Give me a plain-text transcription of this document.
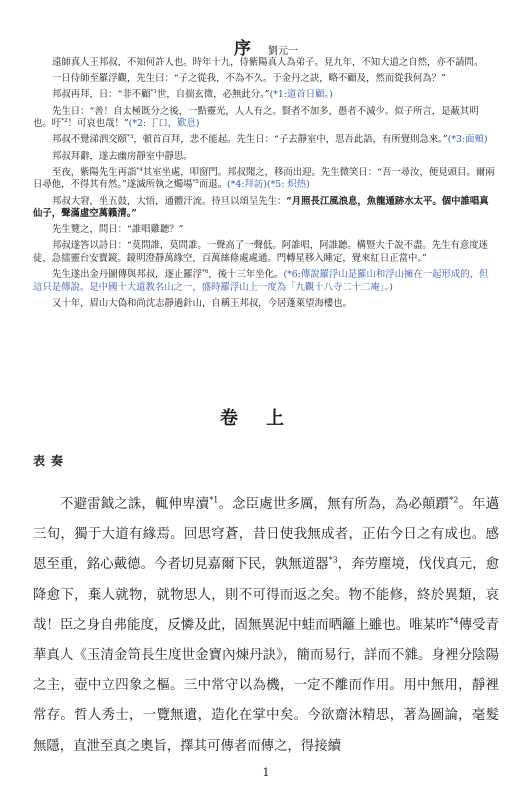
序 劉元一

遠師真人王邦叔，不知何許人也。時年十九，侍紫陽真人為弟子。見九年，不知大道之自然，亦不請問。

一日侍師至羅浮觀，先生曰：“子之從我，不為不久。于金丹之訣，略不顧及，然而從我何為？”

邦叔再拜，日：“非不顧$^{*1}$世，自揣玄微，必無此分。”(*1:道首日顧。)

先生日：“善！自太極既分之後，一點靈光，人人有之。賢者不加多，愚者不減少。似子所言，是蔽其明也。吁$^{*2}$！可哀也哉！”(*2: 丁口，歎息)

邦叔不覺涕泗交頤$^{*3}$，頓首百拜，悲不能起。先生日：“子去靜室中，思吾此語，有所覺則急來。”(*3:面頰)

邦叔拜辭，遂去幽房靜室中靜思。

至夜，紫陽先生再詣$^{*4}$其室坐處，叩窗門。邦叔聞之，移而出迎。先生微笑日：“吾一尋汝，便見頭目。爾兩日尋他，不得其有然。”遂滅所執之燭場$^{*5}$而退。(*4:拜訪)(*5: 炽热)

邦叔大窘，坐五鼓，大悟，通體汗流。待旦以頌呈先生：“月照長江風浪息，魚龍遁跡水太平。個中誰唱真仙子，聲滿虛空萬籟清。”

先生覽之，問日：“誰唱雞聽？”

邦叔遂答以詩日：“莫問誰，莫問誰。一聲高了一聲低。阿誰唱，阿誰聽。構豎大千說不盡。先生有意度迷徒，急擂靈台安寶鏡。鏡明澄靜萬緣空，百萬絲條處處通。門轉星移入睡定，覺來紅日正當中。”

先生遂出金丹圖傳與邦叔，逐止羅浮$^{*6}$，後十三年坐化。(*6:傳說羅浮山是羅山和浮山擁在一起形成的，但這只是傳說。是中國十大道教名山之一，盛時羅浮山上一度為「九觀十八寺二十二庵」。)

又十年，眉山大偽和尚沈志靜過針山，自稱王邦叔，今居蓬萊望海樓也。

卷上
表奏

不避雷鉞之誅，輒伸卑瀆$^{*1}$。念臣處世多厲，無有所為，為必顛躓$^{*2}$。年邁三旬，獨于大道有緣焉。回思穹蒼，昔日使我無成者，正佑今日之有成也。感恩至重，銘心戴德。今者切見嘉爾下民，孰無道器$^{*3}$，奔劳塵境，伐伐真元，愈降愈下，棄人就物，就物思人，則不可得而返之矣。物不能修，終於異類，哀哉！臣之身自弗能度，反憐及此，固無異泥中蛙而晒籬上雖也。唯某昨$^{*4}$傳受青華真人《玉清金笥長生度世金寶內煉丹訣》，簡而易行，詳而不雜。身裡分陰陽之主，壺中立四象之樞。三中常守以為機，一定不離而作用。用中無用，靜裡常存。哲人秀士，一覽無遺，造化在掌中矣。今欲齋沐精思，著為圖論，毫髮無隱，直泄至真之奧旨，擇其可傳者而傳之，得接續

1
